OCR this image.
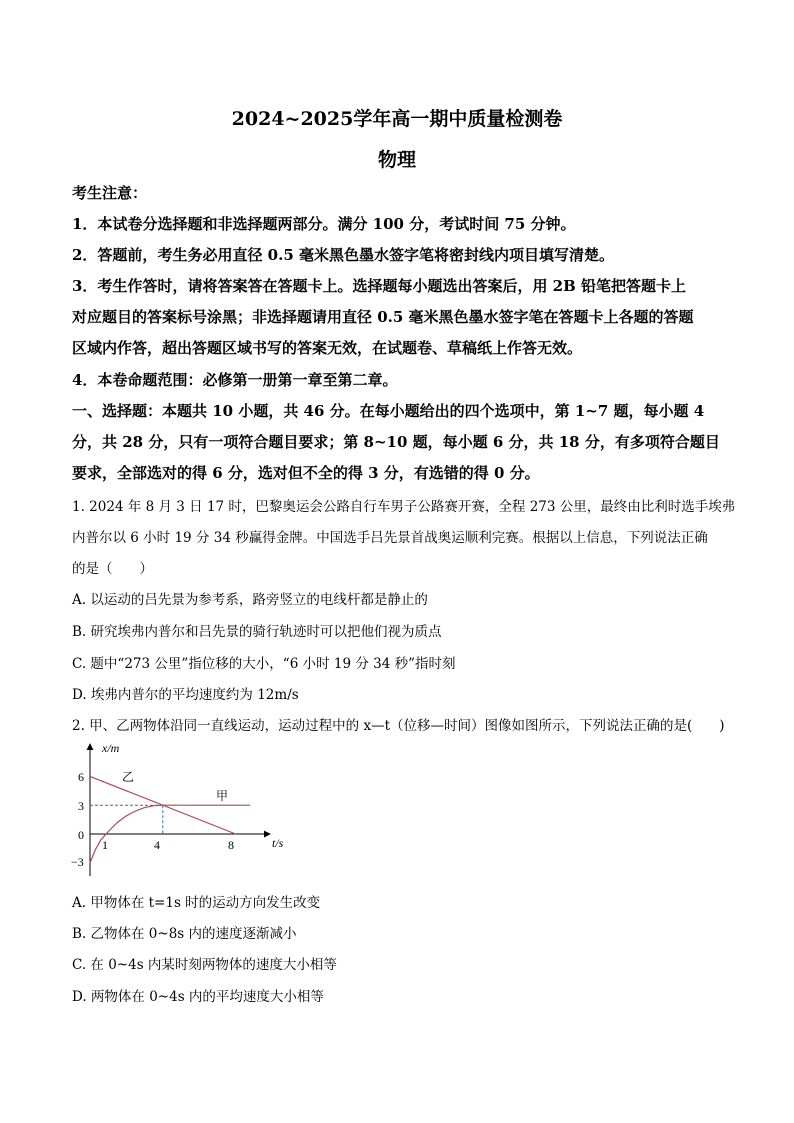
2024~2025学年高一期中质量检测卷
物理
考生注意：
1．本试卷分选择题和非选择题两部分。满分 100 分，考试时间 75 分钟。
2．答题前，考生务必用直径 0.5 毫米黑色墨水签字笔将密封线内项目填写清楚。
3．考生作答时，请将答案答在答题卡上。选择题每小题选出答案后，用 2B 铅笔把答题卡上
对应题目的答案标号涂黑；非选择题请用直径 0.5 毫米黑色墨水签字笔在答题卡上各题的答题
区域内作答，超出答题区域书写的答案无效，在试题卷、草稿纸上作答无效。
4．本卷命题范围：必修第一册第一章至第二章。
一、选择题：本题共 10 小题，共 46 分。在每小题给出的四个选项中，第 1~7 题，每小题 4
分，共 28 分，只有一项符合题目要求；第 8~10 题，每小题 6 分，共 18 分，有多项符合题目
要求，全部选对的得 6 分，选对但不全的得 3 分，有选错的得 0 分。
1. 2024 年 8 月 3 日 17 时，巴黎奥运会公路自行车男子公路赛开赛，全程 273 公里，最终由比利时选手埃弗
内普尔以 6 小时 19 分 34 秒赢得金牌。中国选手吕先景首战奥运顺利完赛。根据以上信息，下列说法正确
的是（　　）
A. 以运动的吕先景为参考系，路旁竖立的电线杆都是静止的
B. 研究埃弗内普尔和吕先景的骑行轨迹时可以把他们视为质点
C. 题中“273 公里”指位移的大小，“6 小时 19 分 34 秒”指时刻
D. 埃弗内普尔的平均速度约为 12m/s
2. 甲、乙两物体沿同一直线运动，运动过程中的 x—t（位移—时间）图像如图所示，下列说法正确的是(　　)
x/m
t/s
6
3
0
−3
1	4	8
乙
甲
A. 甲物体在 t=1s 时的运动方向发生改变
B. 乙物体在 0~8s 内的速度逐渐减小
C. 在 0~4s 内某时刻两物体的速度大小相等
D. 两物体在 0~4s 内的平均速度大小相等
